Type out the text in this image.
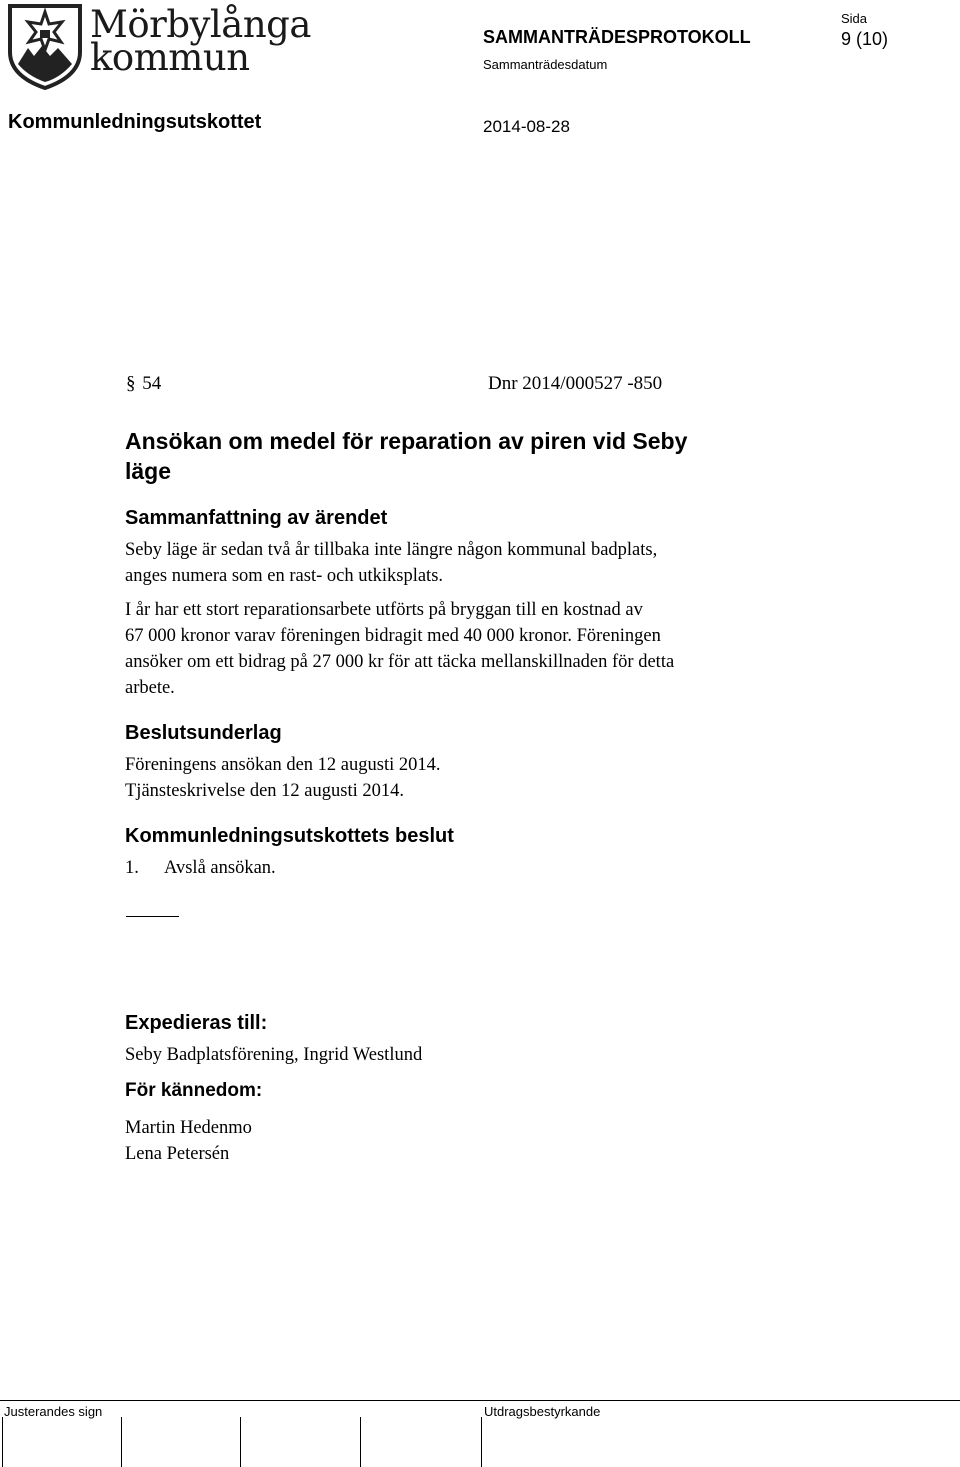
Mörbylånga
kommun	SAMMANTRÄDESPROTOKOLL
Sida
9 (10)
Sammanträdesdatum
Kommunledningsutskottet	2014-08-28
§ 54	Dnr 2014/000527 -850
Ansökan om medel för reparation av piren vid Seby
läge
Sammanfattning av ärendet
Seby läge är sedan två år tillbaka inte längre någon kommunal badplats,
anges numera som en rast- och utkiksplats.
I år har ett stort reparationsarbete utförts på bryggan till en kostnad av
67 000 kronor varav föreningen bidragit med 40 000 kronor. Föreningen
ansöker om ett bidrag på 27 000 kr för att täcka mellanskillnaden för detta
arbete.
Beslutsunderlag
Föreningens ansökan den 12 augusti 2014.
Tjänsteskrivelse den 12 augusti 2014.
Kommunledningsutskottets beslut
1. Avslå ansökan.
Expedieras till:
Seby Badplatsförening, Ingrid Westlund
För kännedom:
Martin Hedenmo
Lena Petersén
Justerandes sign	Utdragsbestyrkande
